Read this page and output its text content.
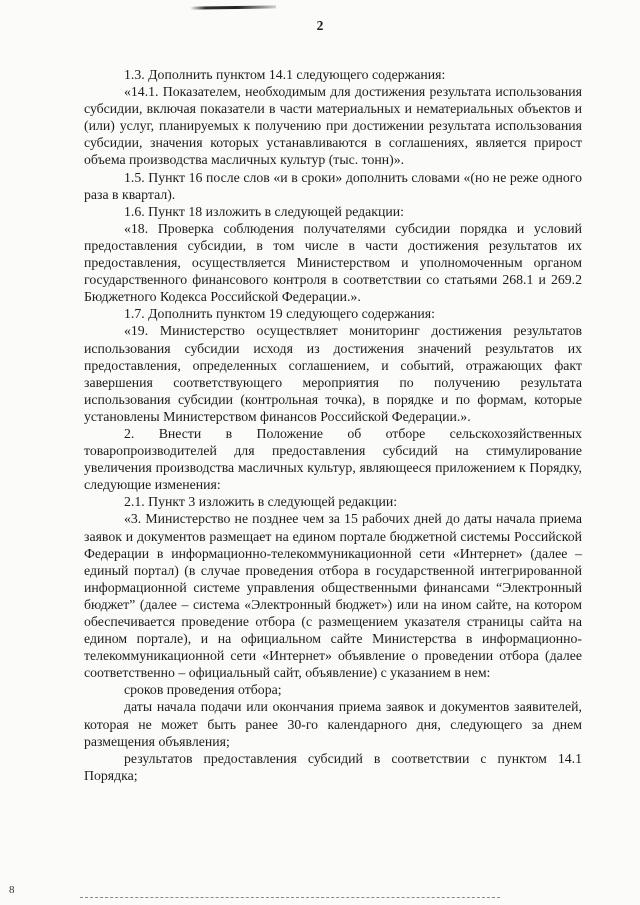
2

1.3. Дополнить пунктом 14.1 следующего содержания:

«14.1. Показателем, необходимым для достижения результата использования субсидии, включая показатели в части материальных и нематериальных объектов и (или) услуг, планируемых к получению при достижении результата использования субсидии, значения которых устанавливаются в соглашениях, является прирост объема производства масличных культур (тыс. тонн)».

1.5. Пункт 16 после слов «и в сроки» дополнить словами «(но не реже одного раза в квартал).

1.6. Пункт 18 изложить в следующей редакции:

«18. Проверка соблюдения получателями субсидии порядка и условий предоставления субсидии, в том числе в части достижения результатов их предоставления, осуществляется Министерством и уполномоченным органом государственного финансового контроля в соответствии со статьями 268.1 и 269.2 Бюджетного Кодекса Российской Федерации.».

1.7. Дополнить пунктом 19 следующего содержания:

«19. Министерство осуществляет мониторинг достижения результатов использования субсидии исходя из достижения значений результатов их предоставления, определенных соглашением, и событий, отражающих факт завершения соответствующего мероприятия по получению результата использования субсидии (контрольная точка), в порядке и по формам, которые установлены Министерством финансов Российской Федерации.».

2. Внести в Положение об отборе сельскохозяйственных товаропроизводителей для предоставления субсидий на стимулирование увеличения производства масличных культур, являющееся приложением к Порядку, следующие изменения:

2.1. Пункт 3 изложить в следующей редакции:

«3. Министерство не позднее чем за 15 рабочих дней до даты начала приема заявок и документов размещает на едином портале бюджетной системы Российской Федерации в информационно-телекоммуникационной сети «Интернет» (далее – единый портал) (в случае проведения отбора в государственной интегрированной информационной системе управления общественными финансами “Электронный бюджет” (далее – система «Электронный бюджет») или на ином сайте, на котором обеспечивается проведение отбора (с размещением указателя страницы сайта на едином портале), и на официальном сайте Министерства в информационно-телекоммуникационной сети «Интернет» объявление о проведении отбора (далее соответственно – официальный сайт, объявление) с указанием в нем:

сроков проведения отбора;

даты начала подачи или окончания приема заявок и документов заявителей, которая не может быть ранее 30-го календарного дня, следующего за днем размещения объявления;

результатов предоставления субсидий в соответствии с пунктом 14.1 Порядка;

8
